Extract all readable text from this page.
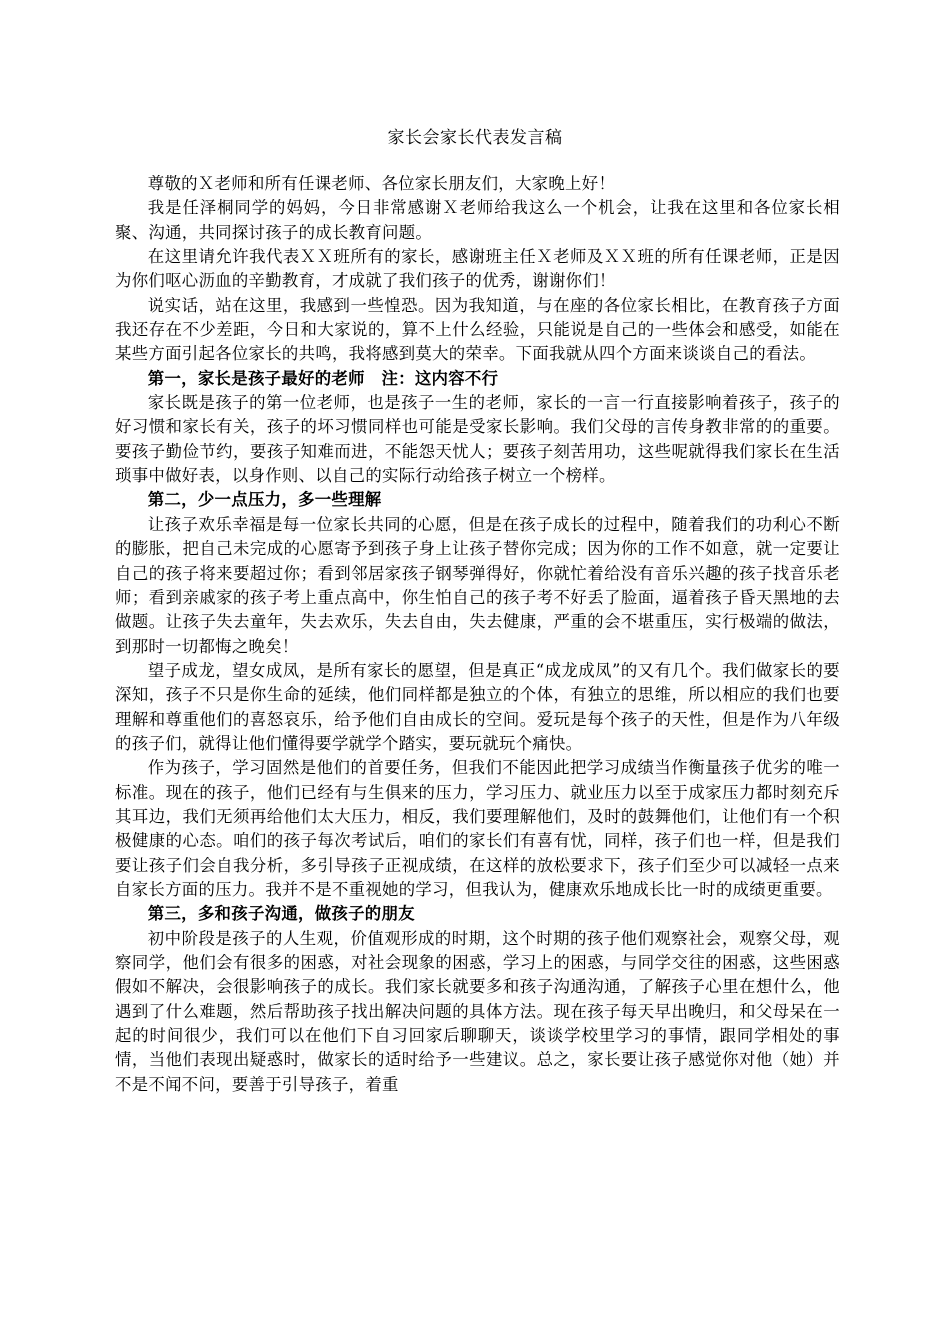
家长会家长代表发言稿

尊敬的Ｘ老师和所有任课老师、各位家长朋友们，大家晚上好！

我是任泽桐同学的妈妈，今日非常感谢Ｘ老师给我这么一个机会，让我在这里和各位家长相聚、沟通，共同探讨孩子的成长教育问题。

在这里请允许我代表ＸＸ班所有的家长，感谢班主任Ｘ老师及ＸＸ班的所有任课老师，正是因为你们呕心沥血的辛勤教育，才成就了我们孩子的优秀，谢谢你们！

说实话，站在这里，我感到一些惶恐。因为我知道，与在座的各位家长相比，在教育孩子方面我还存在不少差距，今日和大家说的，算不上什么经验，只能说是自己的一些体会和感受，如能在某些方面引起各位家长的共鸣，我将感到莫大的荣幸。下面我就从四个方面来谈谈自己的看法。

第一，家长是孩子最好的老师　注：这内容不行

家长既是孩子的第一位老师，也是孩子一生的老师，家长的一言一行直接影响着孩子，孩子的好习惯和家长有关，孩子的坏习惯同样也可能是受家长影响。我们父母的言传身教非常的的重要。要孩子勤俭节约，要孩子知难而进，不能怨天忧人；要孩子刻苦用功，这些呢就得我们家长在生活琐事中做好表，以身作则、以自己的实际行动给孩子树立一个榜样。

第二，少一点压力，多一些理解

让孩子欢乐幸福是每一位家长共同的心愿，但是在孩子成长的过程中，随着我们的功利心不断的膨胀，把自己未完成的心愿寄予到孩子身上让孩子替你完成；因为你的工作不如意，就一定要让自己的孩子将来要超过你；看到邻居家孩子钢琴弹得好，你就忙着给没有音乐兴趣的孩子找音乐老师；看到亲戚家的孩子考上重点高中，你生怕自己的孩子考不好丢了脸面，逼着孩子昏天黑地的去做题。让孩子失去童年，失去欢乐，失去自由，失去健康，严重的会不堪重压，实行极端的做法，到那时一切都悔之晚矣！

望子成龙，望女成凤，是所有家长的愿望，但是真正“成龙成凤”的又有几个。我们做家长的要深知，孩子不只是你生命的延续，他们同样都是独立的个体，有独立的思维，所以相应的我们也要理解和尊重他们的喜怒哀乐，给予他们自由成长的空间。爱玩是每个孩子的天性，但是作为八年级的孩子们，就得让他们懂得要学就学个踏实，要玩就玩个痛快。

作为孩子，学习固然是他们的首要任务，但我们不能因此把学习成绩当作衡量孩子优劣的唯一标准。现在的孩子，他们已经有与生俱来的压力，学习压力、就业压力以至于成家压力都时刻充斥其耳边，我们无须再给他们太大压力，相反，我们要理解他们，及时的鼓舞他们，让他们有一个积极健康的心态。咱们的孩子每次考试后，咱们的家长们有喜有忧，同样，孩子们也一样，但是我们要让孩子们会自我分析，多引导孩子正视成绩，在这样的放松要求下，孩子们至少可以减轻一点来自家长方面的压力。我并不是不重视她的学习，但我认为，健康欢乐地成长比一时的成绩更重要。

第三，多和孩子沟通，做孩子的朋友

初中阶段是孩子的人生观，价值观形成的时期，这个时期的孩子他们观察社会，观察父母，观察同学，他们会有很多的困惑，对社会现象的困惑，学习上的困惑，与同学交往的困惑，这些困惑假如不解决，会很影响孩子的成长。我们家长就要多和孩子沟通沟通，了解孩子心里在想什么，他遇到了什么难题，然后帮助孩子找出解决问题的具体方法。现在孩子每天早出晚归，和父母呆在一起的时间很少，我们可以在他们下自习回家后聊聊天，谈谈学校里学习的事情，跟同学相处的事情，当他们表现出疑惑时，做家长的适时给予一些建议。总之，家长要让孩子感觉你对他（她）并不是不闻不问，要善于引导孩子，着重
